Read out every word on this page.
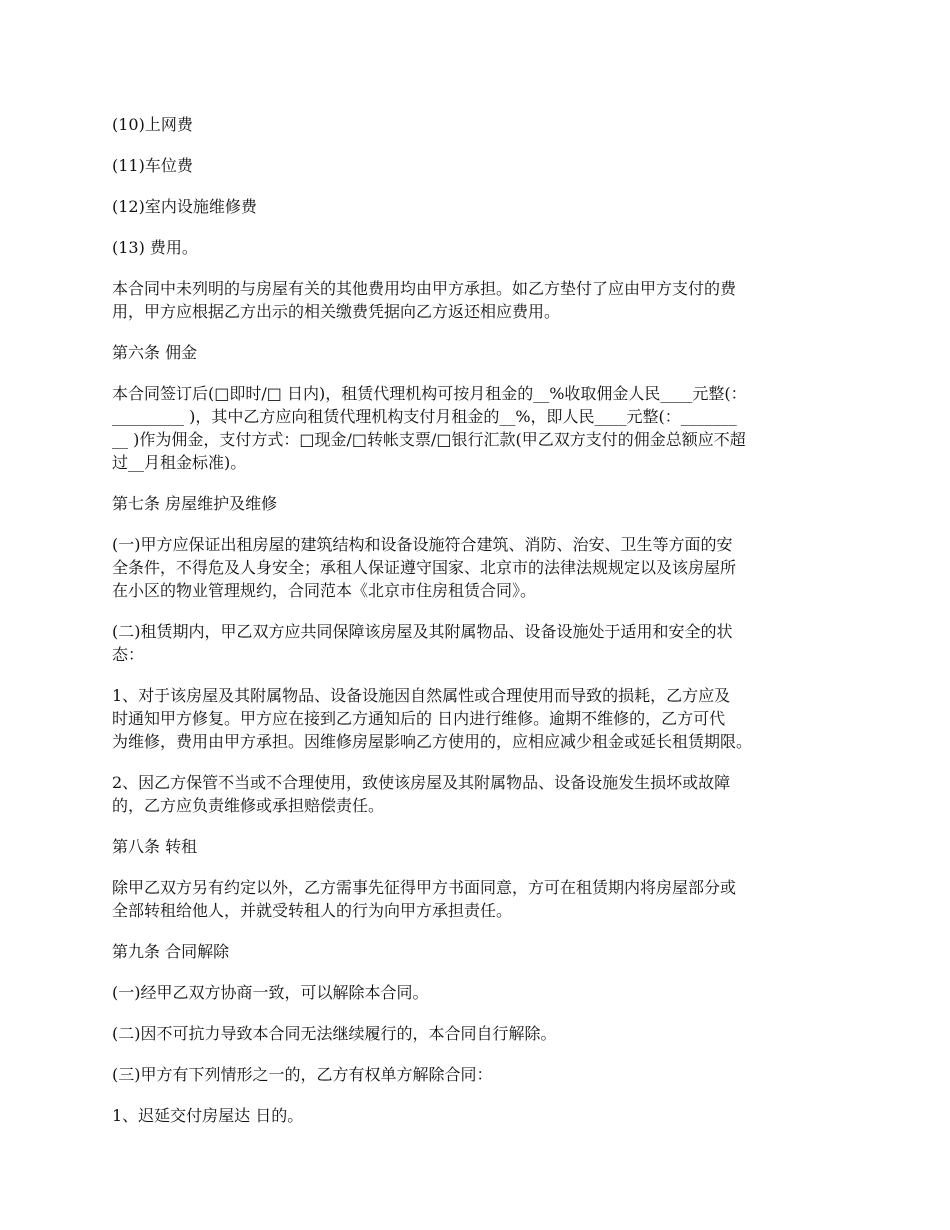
(10)上网费

(11)车位费

(12)室内设施维修费

(13) 费用。

本合同中未列明的与房屋有关的其他费用均由甲方承担。如乙方垫付了应由甲方支付的费
用，甲方应根据乙方出示的相关缴费凭据向乙方返还相应费用。

第六条 佣金

本合同签订后(□即时/□ 日内)，租赁代理机构可按月租金的__%收取佣金人民____元整(：
_________ )，其中乙方应向租赁代理机构支付月租金的__%，即人民____元整(：_______
__ )作为佣金，支付方式：□现金/□转帐支票/□银行汇款(甲乙双方支付的佣金总额应不超
过__月租金标准)。

第七条 房屋维护及维修

(一)甲方应保证出租房屋的建筑结构和设备设施符合建筑、消防、治安、卫生等方面的安
全条件，不得危及人身安全；承租人保证遵守国家、北京市的法律法规规定以及该房屋所
在小区的物业管理规约，合同范本《北京市住房租赁合同》。

(二)租赁期内，甲乙双方应共同保障该房屋及其附属物品、设备设施处于适用和安全的状
态：

1、对于该房屋及其附属物品、设备设施因自然属性或合理使用而导致的损耗，乙方应及
时通知甲方修复。甲方应在接到乙方通知后的 日内进行维修。逾期不维修的，乙方可代
为维修，费用由甲方承担。因维修房屋影响乙方使用的，应相应减少租金或延长租赁期限。

2、因乙方保管不当或不合理使用，致使该房屋及其附属物品、设备设施发生损坏或故障
的，乙方应负责维修或承担赔偿责任。

第八条 转租

除甲乙双方另有约定以外，乙方需事先征得甲方书面同意，方可在租赁期内将房屋部分或
全部转租给他人，并就受转租人的行为向甲方承担责任。

第九条 合同解除

(一)经甲乙双方协商一致，可以解除本合同。

(二)因不可抗力导致本合同无法继续履行的，本合同自行解除。

(三)甲方有下列情形之一的，乙方有权单方解除合同：

1、迟延交付房屋达 日的。
